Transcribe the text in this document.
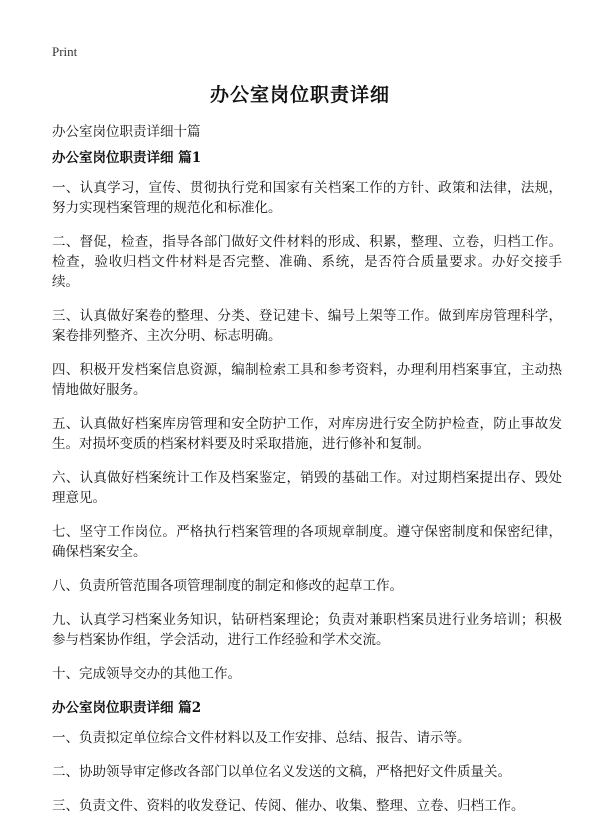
Print
办公室岗位职责详细
办公室岗位职责详细十篇
办公室岗位职责详细 篇1

一、认真学习，宣传、贯彻执行党和国家有关档案工作的方针、政策和法律，法规，努力实现档案管理的规范化和标准化。

二、督促，检查，指导各部门做好文件材料的形成、积累，整理、立卷，归档工作。检查，验收归档文件材料是否完整、准确、系统，是否符合质量要求。办好交接手续。

三、认真做好案卷的整理、分类、登记建卡、编号上架等工作。做到库房管理科学，案卷排列整齐、主次分明、标志明确。

四、积极开发档案信息资源，编制检索工具和参考资料，办理利用档案事宜，主动热情地做好服务。

五、认真做好档案库房管理和安全防护工作，对库房进行安全防护检查，防止事故发生。对损坏变质的档案材料要及时采取措施，进行修补和复制。

六、认真做好档案统计工作及档案鉴定，销毁的基础工作。对过期档案提出存、毁处理意见。

七、坚守工作岗位。严格执行档案管理的各项规章制度。遵守保密制度和保密纪律，确保档案安全。

八、负责所管范围各项管理制度的制定和修改的起草工作。

九、认真学习档案业务知识，钻研档案理论；负责对兼职档案员进行业务培训；积极参与档案协作组，学会活动，进行工作经验和学术交流。

十、完成领导交办的其他工作。

办公室岗位职责详细 篇2

一、负责拟定单位综合文件材料以及工作安排、总结、报告、请示等。

二、协助领导审定修改各部门以单位名义发送的文稿，严格把好文件质量关。

三、负责文件、资料的收发登记、传阅、催办、收集、整理、立卷、归档工作。
